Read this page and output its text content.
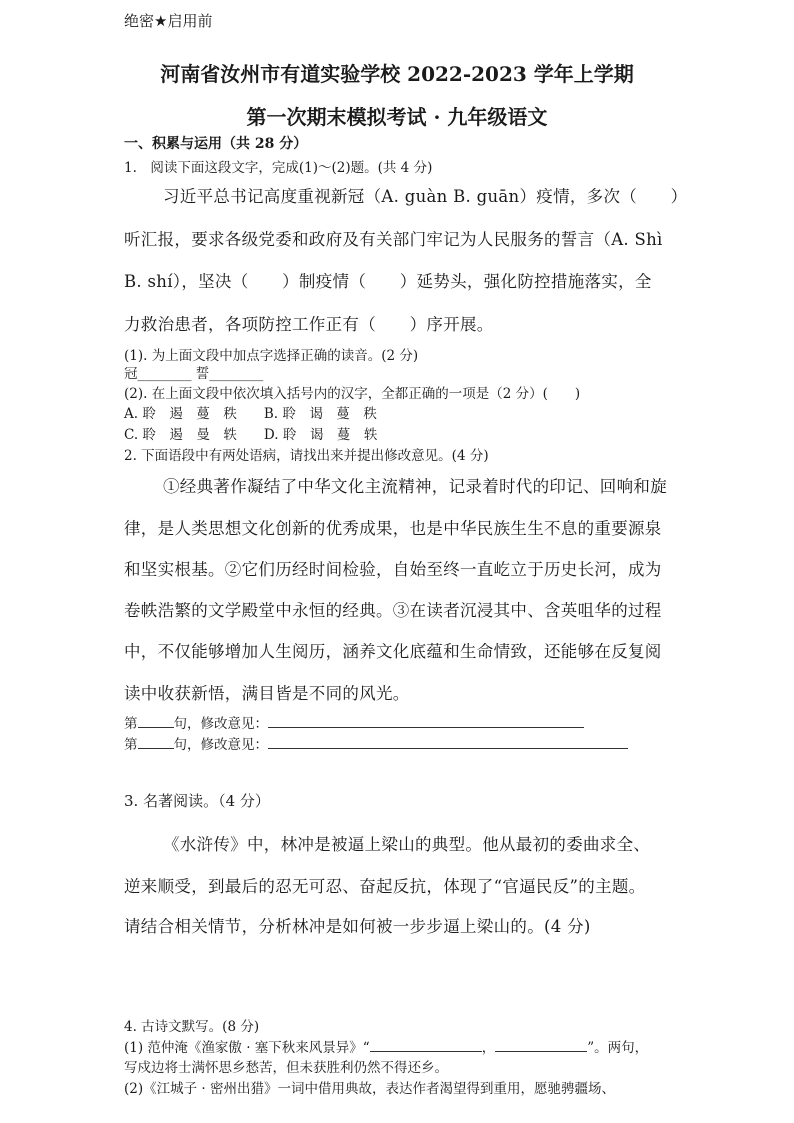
绝密★启用前
河南省汝州市有道实验学校 2022-2023 学年上学期
第一次期末模拟考试 · 九年级语文
一、积累与运用（共 28 分）
1.　阅读下面这段文字，完成(1)～(2)题。(共 4 分)
习近平总书记高度重视新冠（A. guàn B. guān）疫情，多次（　　）
听汇报，要求各级党委和政府及有关部门牢记为人民服务的誓言（A. Shì
B. shí），坚决（　　）制疫情（　　）延势头，强化防控措施落实，全
力救治患者，各项防控工作正有（　　）序开展。
(1). 为上面文段中加点字选择正确的读音。(2 分)
冠________ 誓________
(2). 在上面文段中依次填入括号内的汉字，全都正确的一项是（2 分）(　　)
A. 聆　遏　蔓　秩　　B. 聆　谒　蔓　秩
C. 聆　遏　曼　轶　　D. 聆　谒　蔓　轶
2. 下面语段中有两处语病，请找出来并提出修改意见。(4 分)
①经典著作凝结了中华文化主流精神，记录着时代的印记、回响和旋
律，是人类思想文化创新的优秀成果，也是中华民族生生不息的重要源泉
和坚实根基。②它们历经时间检验，自始至终一直屹立于历史长河，成为
卷帙浩繁的文学殿堂中永恒的经典。③在读者沉浸其中、含英咀华的过程
中，不仅能够增加人生阅历，涵养文化底蕴和生命情致，还能够在反复阅
读中收获新悟，满目皆是不同的风光。
第	句，修改意见：
第	句，修改意见：
3. 名著阅读。（4 分）
《水浒传》中，林冲是被逼上梁山的典型。他从最初的委曲求全、
逆来顺受，到最后的忍无可忍、奋起反抗，体现了“官逼民反”的主题。
请结合相关情节，分析林冲是如何被一步步逼上梁山的。(4 分)
4. 古诗文默写。(8 分)
(1) 范仲淹《渔家傲 · 塞下秋来风景异》“	，	”。两句，
写戍边将士满怀思乡愁苦，但未获胜利仍然不得还乡。
(2)《江城子 · 密州出猎》一词中借用典故，表达作者渴望得到重用，愿驰骋疆场、
